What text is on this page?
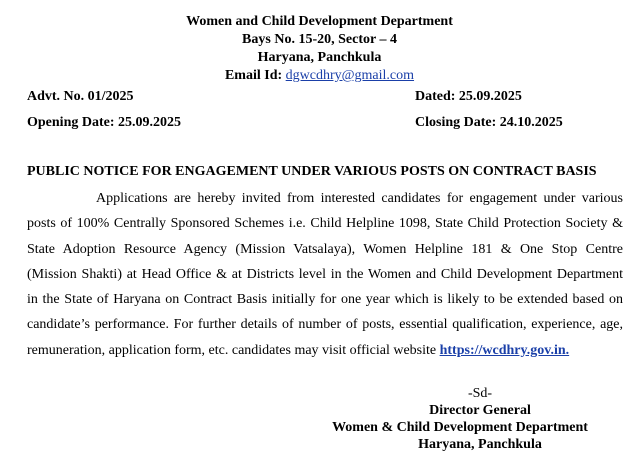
Women and Child Development Department
Bays No. 15-20, Sector – 4
Haryana, Panchkula
Email Id: dgwcdhry@gmail.com
Advt. No. 01/2025	Dated: 25.09.2025
Opening Date: 25.09.2025	Closing Date: 24.10.2025
PUBLIC NOTICE FOR ENGAGEMENT UNDER VARIOUS POSTS ON CONTRACT BASIS
Applications are hereby invited from interested candidates for engagement under various
posts of 100% Centrally Sponsored Schemes i.e. Child Helpline 1098, State Child Protection Society &
State Adoption Resource Agency (Mission Vatsalaya), Women Helpline 181 & One Stop Centre
(Mission Shakti) at Head Office & at Districts level in the Women and Child Development Department
in the State of Haryana on Contract Basis initially for one year which is likely to be extended based on
candidate’s performance. For further details of number of posts, essential qualification, experience, age,
remuneration, application form, etc. candidates may visit official website https://wcdhry.gov.in.
-Sd-
Director General
Women & Child Development Department
Haryana, Panchkula
